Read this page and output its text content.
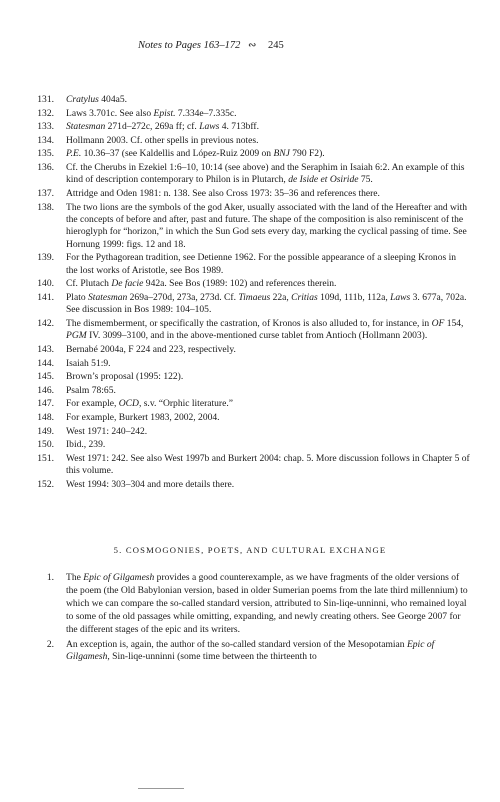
Notes to Pages 163–172 ∾ 245
131. Cratylus 404a5.
132. Laws 3.701c. See also Epist. 7.334e–7.335c.
133. Statesman 271d–272c, 269a ff; cf. Laws 4. 713bff.
134. Hollmann 2003. Cf. other spells in previous notes.
135. P.E. 10.36–37 (see Kaldellis and López-Ruiz 2009 on BNJ 790 F2).
136. Cf. the Cherubs in Ezekiel 1:6–10, 10:14 (see above) and the Seraphim in Isaiah 6:2. An example of this kind of description contemporary to Philon is in Plutarch, de Iside et Osiride 75.
137. Attridge and Oden 1981: n. 138. See also Cross 1973: 35–36 and references there.
138. The two lions are the symbols of the god Aker, usually associated with the land of the Hereafter and with the concepts of before and after, past and future. The shape of the composition is also reminiscent of the hieroglyph for “horizon,” in which the Sun God sets every day, marking the cyclical passing of time. See Hornung 1999: figs. 12 and 18.
139. For the Pythagorean tradition, see Detienne 1962. For the possible appearance of a sleeping Kronos in the lost works of Aristotle, see Bos 1989.
140. Cf. Plutach De facie 942a. See Bos (1989: 102) and references therein.
141. Plato Statesman 269a–270d, 273a, 273d. Cf. Timaeus 22a, Critias 109d, 111b, 112a, Laws 3. 677a, 702a. See discussion in Bos 1989: 104–105.
142. The dismemberment, or specifically the castration, of Kronos is also alluded to, for instance, in OF 154, PGM IV. 3099–3100, and in the above-mentioned curse tablet from Antioch (Hollmann 2003).
143. Bernabé 2004a, F 224 and 223, respectively.
144. Isaiah 51:9.
145. Brown’s proposal (1995: 122).
146. Psalm 78:65.
147. For example, OCD, s.v. “Orphic literature.”
148. For example, Burkert 1983, 2002, 2004.
149. West 1971: 240–242.
150. Ibid., 239.
151. West 1971: 242. See also West 1997b and Burkert 2004: chap. 5. More discussion follows in Chapter 5 of this volume.
152. West 1994: 303–304 and more details there.
5. COSMOGONIES, POETS, AND CULTURAL EXCHANGE
1. The Epic of Gilgamesh provides a good counterexample, as we have fragments of the older versions of the poem (the Old Babylonian version, based in older Sumerian poems from the late third millennium) to which we can compare the so-called standard version, attributed to Sin-liqe-unninni, who remained loyal to some of the old passages while omitting, expanding, and newly creating others. See George 2007 for the different stages of the epic and its writers.
2. An exception is, again, the author of the so-called standard version of the Mesopotamian Epic of Gilgamesh, Sin-liqe-unninni (some time between the thirteenth to
